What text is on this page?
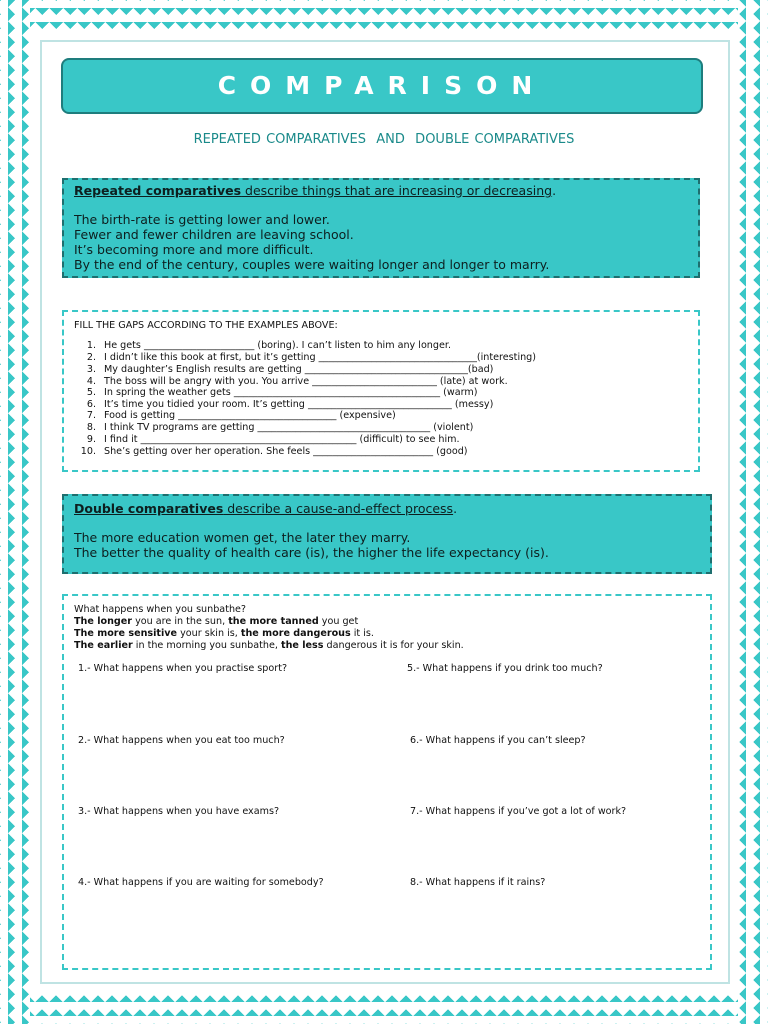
COMPARISON
REPEATED COMPARATIVES  AND  DOUBLE COMPARATIVES

Repeated comparatives describe things that are increasing or decreasing.

The birth-rate is getting lower and lower.

Fewer and fewer children are leaving school.

It’s becoming more and more difficult.

By the end of the century, couples were waiting longer and longer to marry.

FILL THE GAPS ACCORDING TO THE EXAMPLES ABOVE:

1. He gets _______________________ (boring). I can’t listen to him any longer.
2. I didn’t like this book at first, but it’s getting _________________________________(interesting)
3. My daughter’s English results are getting __________________________________(bad)
4. The boss will be angry with you. You arrive __________________________ (late) at work.
5. In spring the weather gets ___________________________________________ (warm)
6. It’s time you tidied your room. It’s getting ______________________________ (messy)
7. Food is getting _________________________________ (expensive)
8. I think TV programs are getting ____________________________________ (violent)
9. I find it _____________________________________________ (difficult) to see him.
10. She’s getting over her operation. She feels _________________________ (good)

Double comparatives describe a cause-and-effect process.

The more education women get, the later they marry.

The better the quality of health care (is), the higher the life expectancy (is).

What happens when you sunbathe?

The longer you are in the sun, the more tanned you get

The more sensitive your skin is, the more dangerous it is.

The earlier in the morning you sunbathe, the less dangerous it is for your skin.

1.- What happens when you practise sport?	5.- What happens if you drink too much?

2.- What happens when you eat too much?	6.- What happens if you can’t sleep?

3.- What happens when you have exams?	7.- What happens if you’ve got a lot of work?

4.- What happens if you are waiting for somebody?	8.- What happens if it rains?
